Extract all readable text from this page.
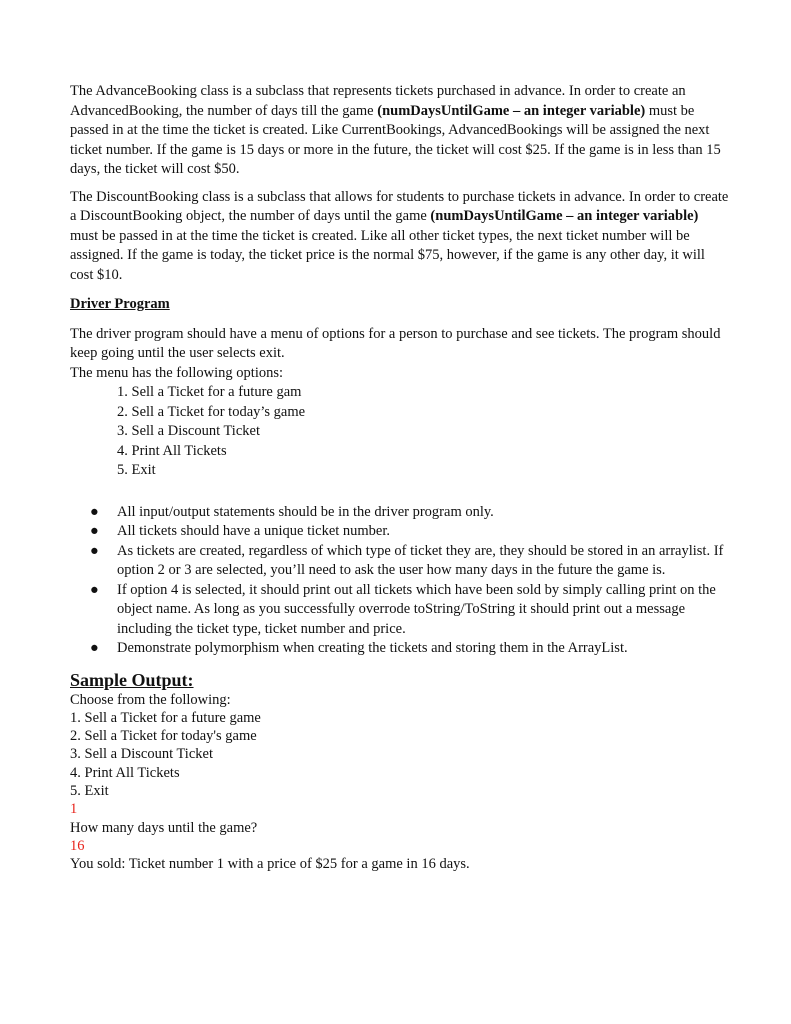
The AdvanceBooking class is a subclass that represents tickets purchased in advance. In order to create an AdvancedBooking, the number of days till the game (numDaysUntilGame – an integer variable) must be passed in at the time the ticket is created. Like CurrentBookings, AdvancedBookings will be assigned the next ticket number. If the game is 15 days or more in the future, the ticket will cost $25. If the game is in less than 15 days, the ticket will cost $50.

The DiscountBooking class is a subclass that allows for students to purchase tickets in advance. In order to create a DiscountBooking object, the number of days until the game (numDaysUntilGame – an integer variable) must be passed in at the time the ticket is created. Like all other ticket types, the next ticket number will be assigned. If the game is today, the ticket price is the normal $75, however, if the game is any other day, it will cost $10.

Driver Program

The driver program should have a menu of options for a person to purchase and see tickets. The program should keep going until the user selects exit.

The menu has the following options:

1. Sell a Ticket for a future gam
2. Sell a Ticket for today’s game
3. Sell a Discount Ticket
4. Print All Tickets
5. Exit
● All input/output statements should be in the driver program only.
● All tickets should have a unique ticket number.
● As tickets are created, regardless of which type of ticket they are, they should be stored in an arraylist. If option 2 or 3 are selected, you’ll need to ask the user how many days in the future the game is.
● If option 4 is selected, it should print out all tickets which have been sold by simply calling print on the object name. As long as you successfully overrode toString/ToString it should print out a message including the ticket type, ticket number and price.
● Demonstrate polymorphism when creating the tickets and storing them in the ArrayList.

Sample Output:

Choose from the following:

1. Sell a Ticket for a future game

2. Sell a Ticket for today's game

3. Sell a Discount Ticket

4. Print All Tickets

5. Exit

1

How many days until the game?

16

You sold: Ticket number 1 with a price of $25 for a game in 16 days.
